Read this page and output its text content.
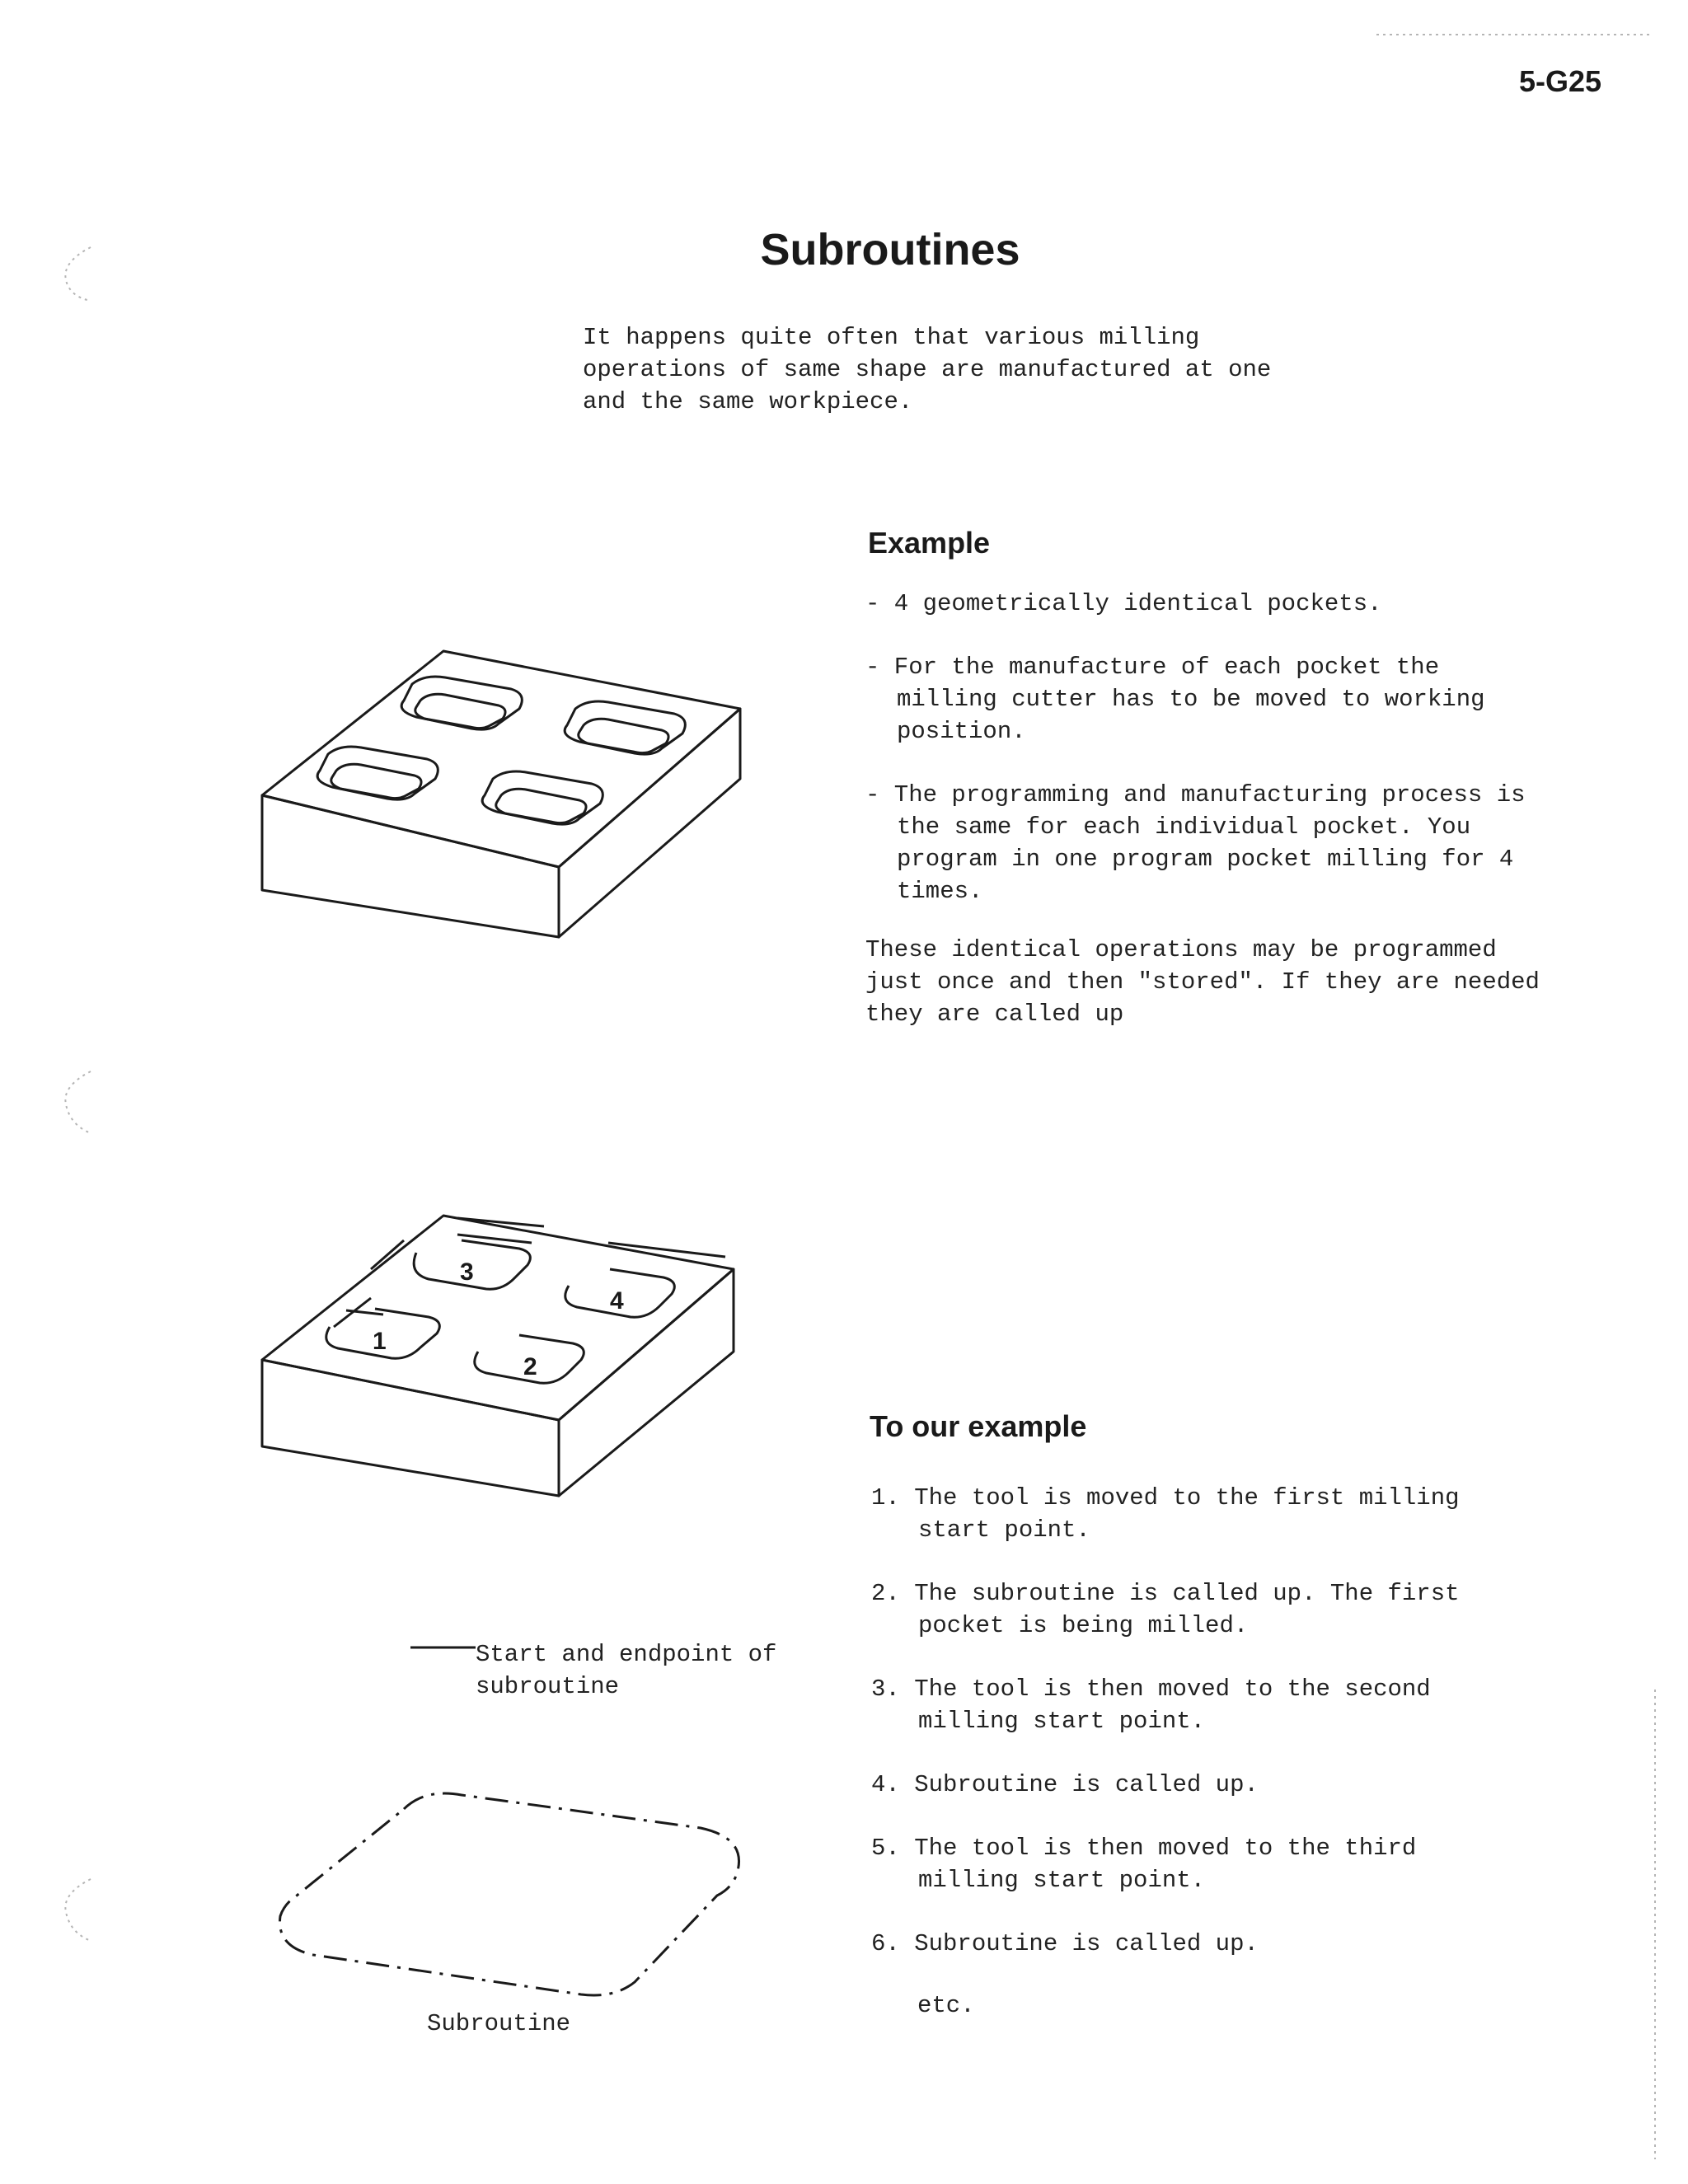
5-G25
Subroutines

It happens quite often that various milling operations of same shape are manufactured at one and the same workpiece.

Example
- 4 geometrically identical pockets.
- For the manufacture of each pocket the milling cutter has to be moved to working position.
- The programming and manufacturing process is the same for each individual pocket. You program in one program pocket milling for 4 times.
These identical operations may be programmed just once and then "stored". If they are needed they are called up
To our example
1. The tool is moved to the first milling start point.
2. The subroutine is called up. The first pocket is being milled.
3. The tool is then moved to the second milling start point.
4. Subroutine is called up.
5. The tool is then moved to the third milling start point.
6. Subroutine is called up.
etc.
Start and endpoint of subroutine
Subroutine
1
2
3
4
